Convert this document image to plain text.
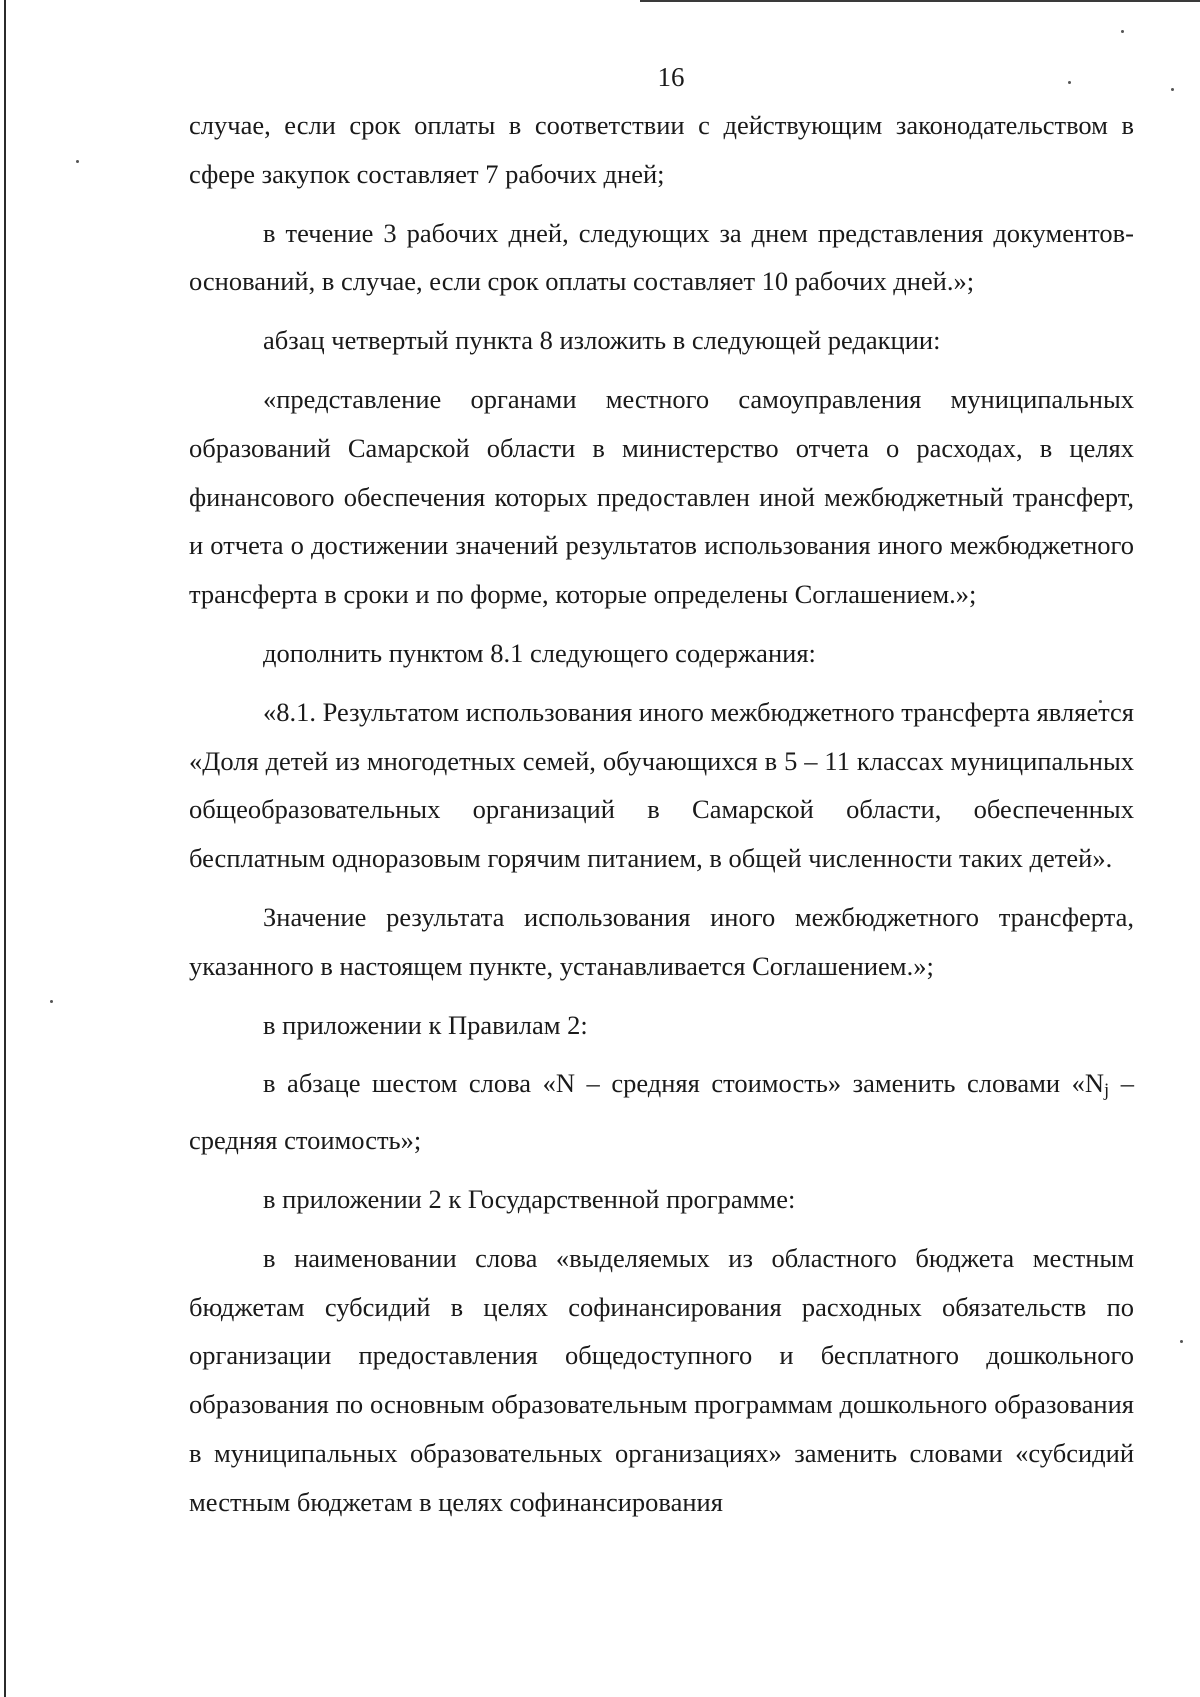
16

случае, если срок оплаты в соответствии с действующим законодательством в сфере закупок составляет 7 рабочих дней;

в течение 3 рабочих дней, следующих за днем представления документов-оснований, в случае, если срок оплаты составляет 10 рабочих дней.»;

абзац четвертый пункта 8 изложить в следующей редакции:

«представление органами местного самоуправления муниципальных образований Самарской области в министерство отчета о расходах, в целях финансового обеспечения которых предоставлен иной межбюджетный трансферт, и отчета о достижении значений результатов использования иного межбюджетного трансферта в сроки и по форме, которые определены Соглашением.»;

дополнить пунктом 8.1 следующего содержания:

«8.1. Результатом использования иного межбюджетного трансферта является «Доля детей из многодетных семей, обучающихся в 5 – 11 классах муниципальных общеобразовательных организаций в Самарской области, обеспеченных бесплатным одноразовым горячим питанием, в общей численности таких детей».

Значение результата использования иного межбюджетного трансферта, указанного в настоящем пункте, устанавливается Соглашением.»;

в приложении к Правилам 2:

в абзаце шестом слова «N – средняя стоимость» заменить словами «$N_j$ – средняя стоимость»;

в приложении 2 к Государственной программе:

в наименовании слова «выделяемых из областного бюджета местным бюджетам субсидий в целях софинансирования расходных обязательств по организации предоставления общедоступного и бесплатного дошкольного образования по основным образовательным программам дошкольного образования в муниципальных образовательных организациях» заменить словами «субсидий местным бюджетам в целях софинансирования
